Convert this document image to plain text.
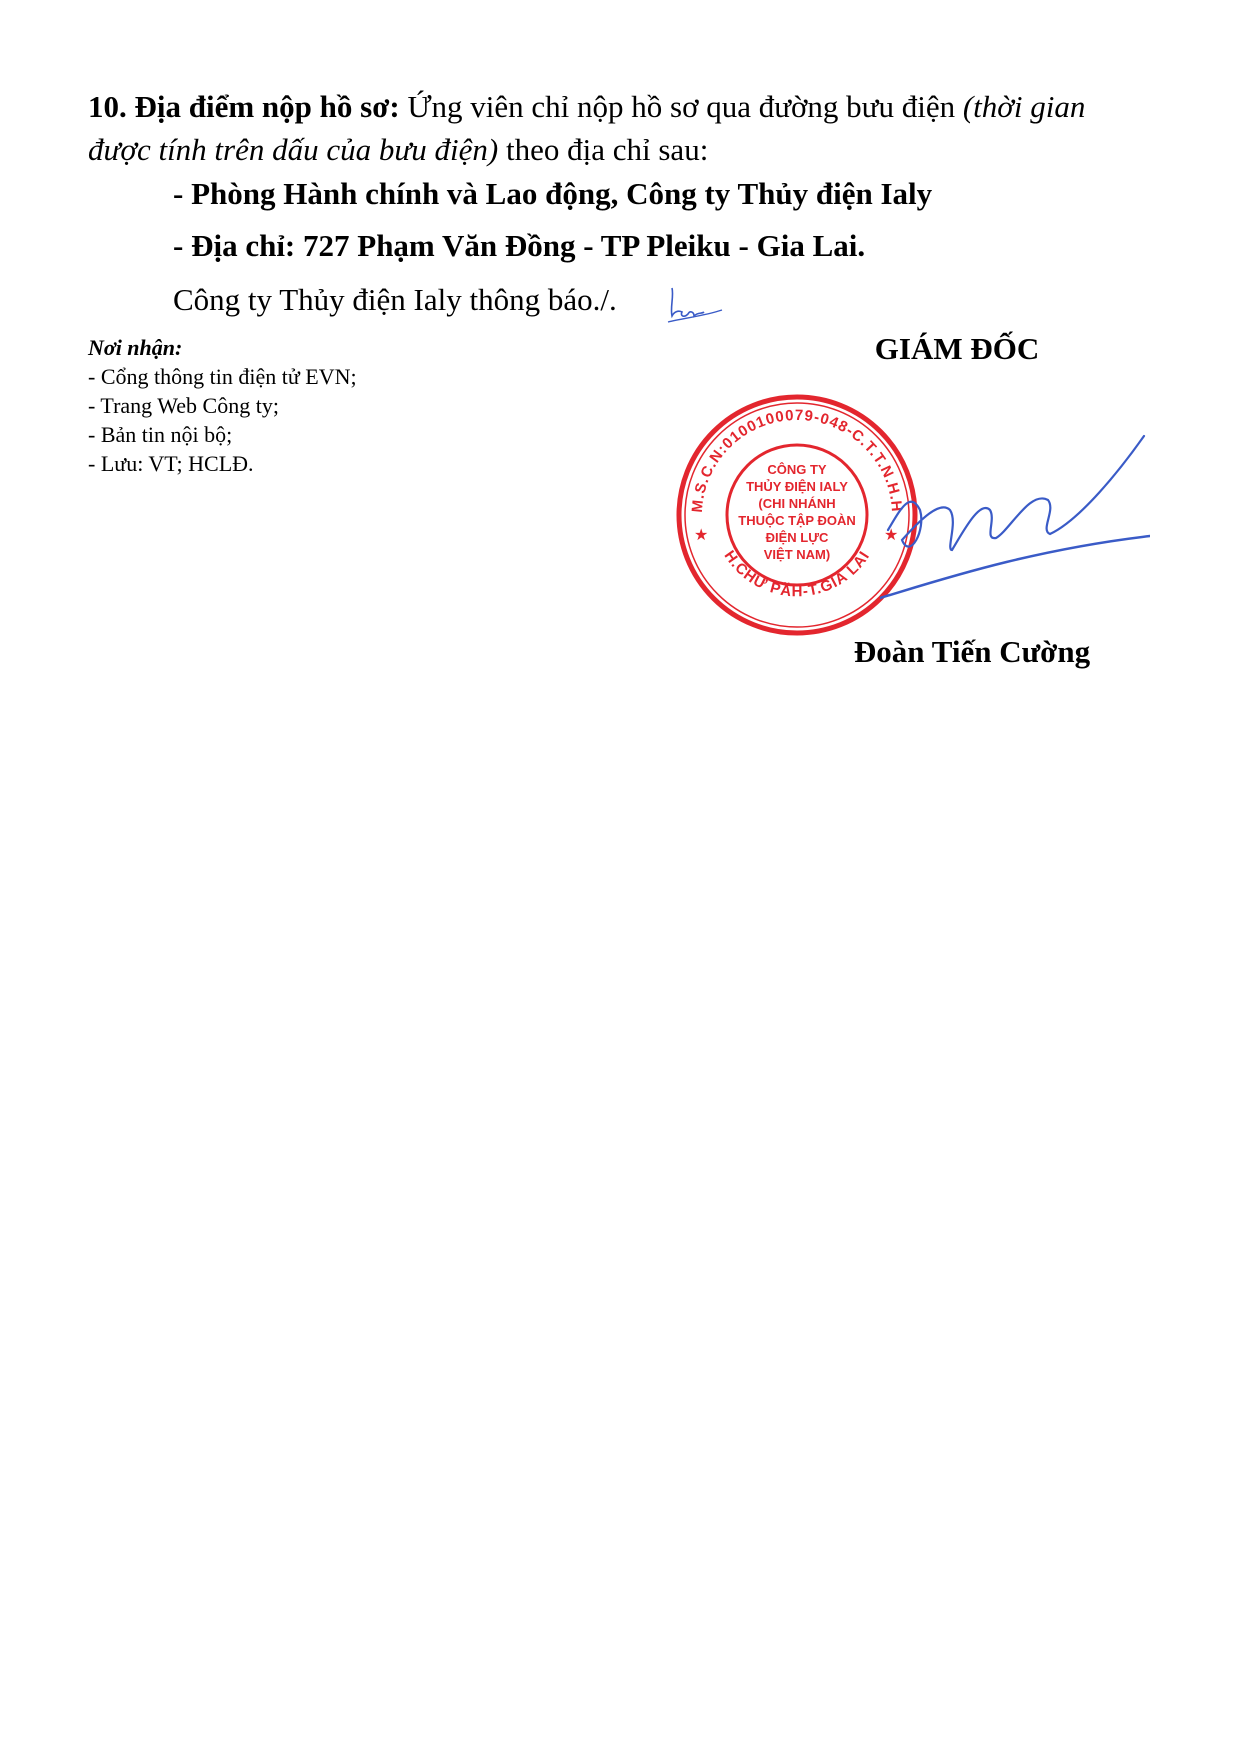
10. Địa điểm nộp hồ sơ: Ứng viên chỉ nộp hồ sơ qua đường bưu điện (thời gian được tính trên dấu của bưu điện) theo địa chỉ sau:
- Phòng Hành chính và Lao động, Công ty Thủy điện Ialy
- Địa chỉ: 727 Phạm Văn Đồng - TP Pleiku - Gia Lai.
Công ty Thủy điện Ialy thông báo./.
Nơi nhận:
- Cổng thông tin điện tử EVN;
- Trang Web Công ty;
- Bản tin nội bộ;
- Lưu: VT; HCLĐ.
GIÁM ĐỐC
M.S.C.N:0100100079-048-C.T.T.N.H.H
H.CHƯ PĂH-T.GIA LAI
★	★
CÔNG TY
THỦY ĐIỆN IALY
(CHI NHÁNH
THUỘC TẬP ĐOÀN
ĐIỆN LỰC
VIỆT NAM)
Đoàn Tiến Cường
